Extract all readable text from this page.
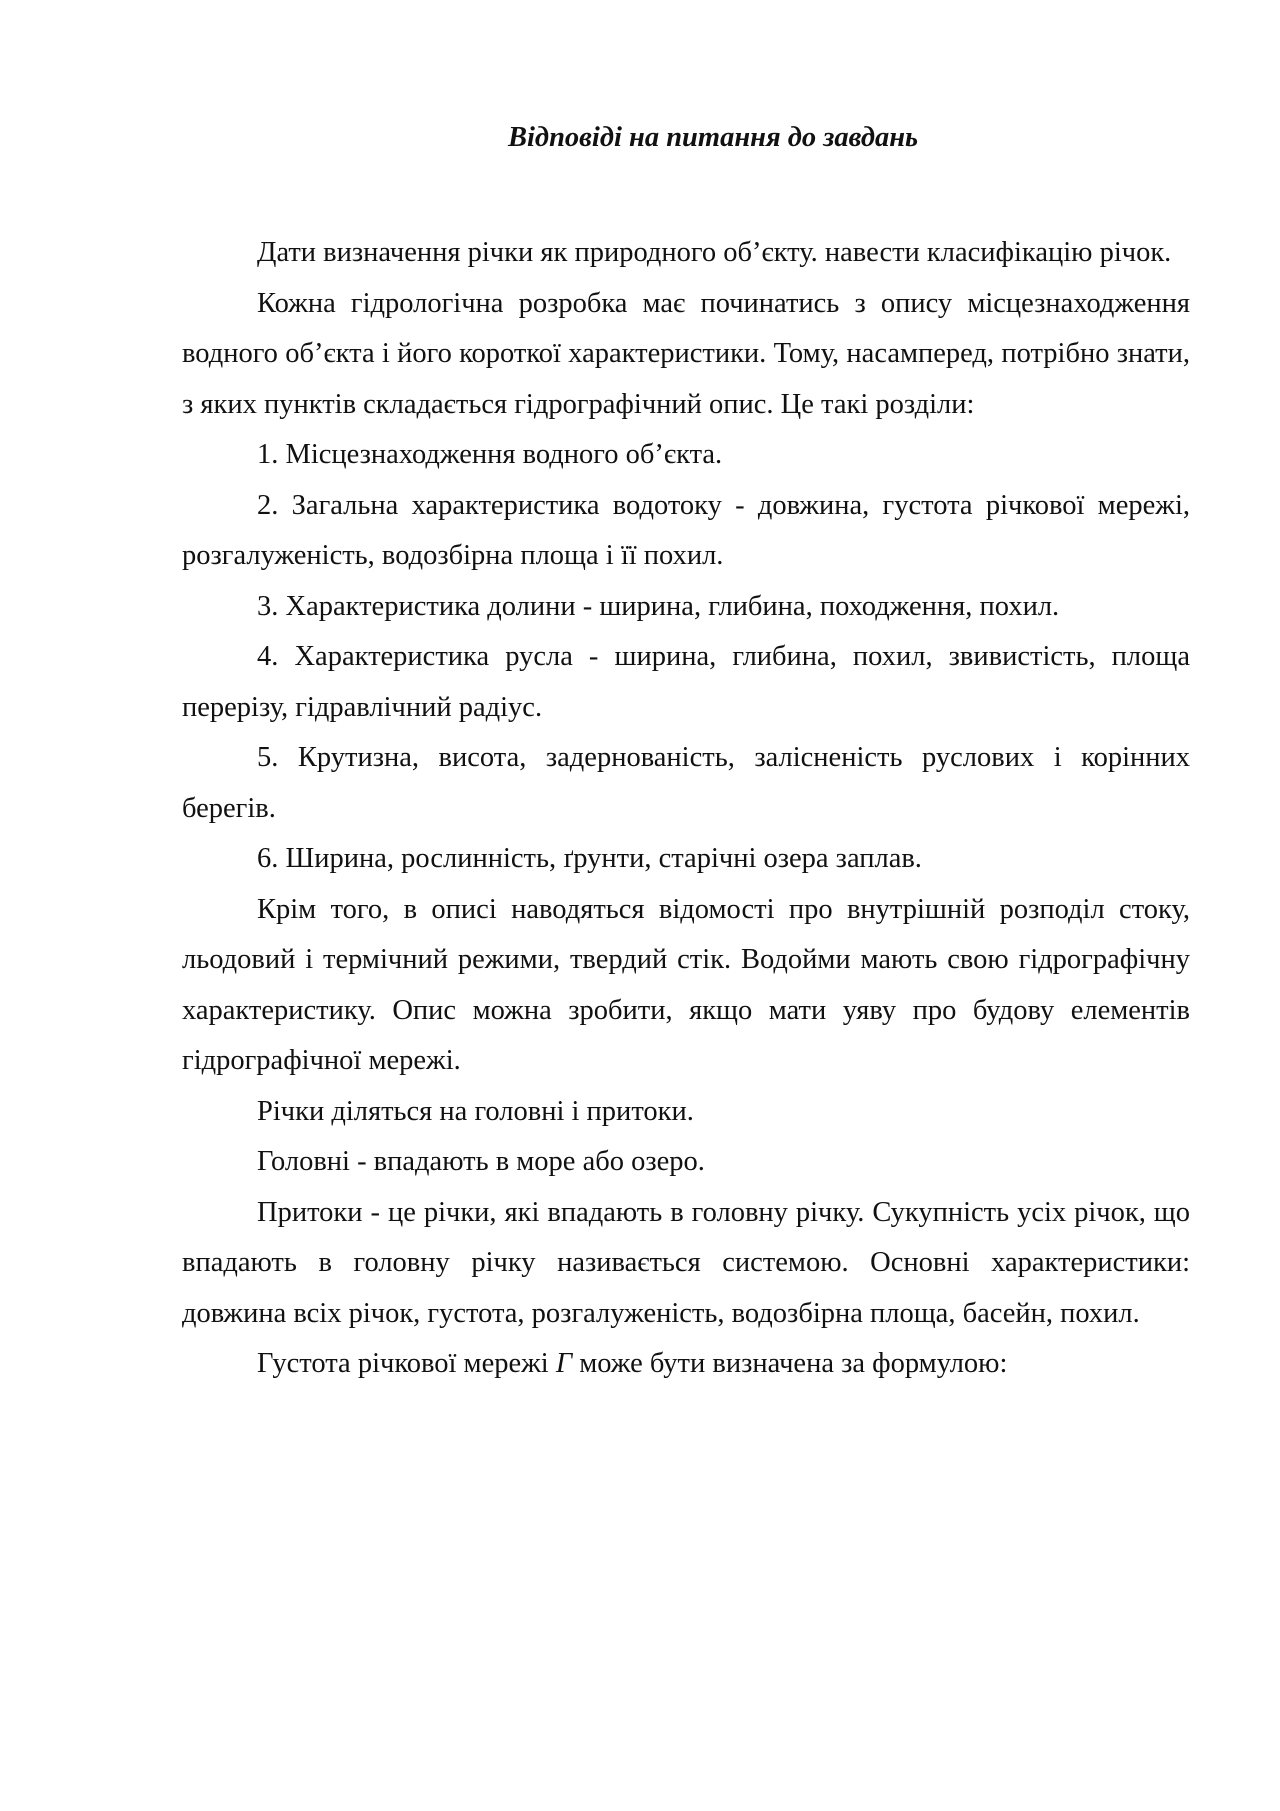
Відповіді на питання до завдань

Дати визначення річки як природного об’єкту. навести класифікацію річок.

Кожна гідрологічна розробка має починатись з опису місцезнаходження водного об’єкта і його короткої характеристики. Тому, насамперед, потрібно знати, з яких пунктів складається гідрографічний опис. Це такі розділи:

1. Місцезнаходження водного об’єкта.

2. Загальна характеристика водотоку - довжина, густота річкової мережі, розгалуженість, водозбірна площа і її похил.

3. Характеристика долини - ширина, глибина, походження, похил.

4. Характеристика русла - ширина, глибина, похил, звивистість, площа перерізу, гідравлічний радіус.

5. Крутизна, висота, задернованість, залісненість руслових і корінних берегів.

6. Ширина, рослинність, ґрунти, старічні озера заплав.

Крім того, в описі наводяться відомості про внутрішній розподіл стоку, льодовий і термічний режими, твердий стік. Водойми мають свою гідрографічну характеристику. Опис можна зробити, якщо мати уяву про будову елементів гідрографічної мережі.

Річки діляться на головні і притоки.

Головні - впадають в море або озеро.

Притоки - це річки, які впадають в головну річку. Сукупність усіх річок, що впадають в головну річку називається системою. Основні характеристики: довжина всіх річок, густота, розгалуженість, водозбірна площа, басейн, похил.

Густота річкової мережі Г може бути визначена за формулою:
